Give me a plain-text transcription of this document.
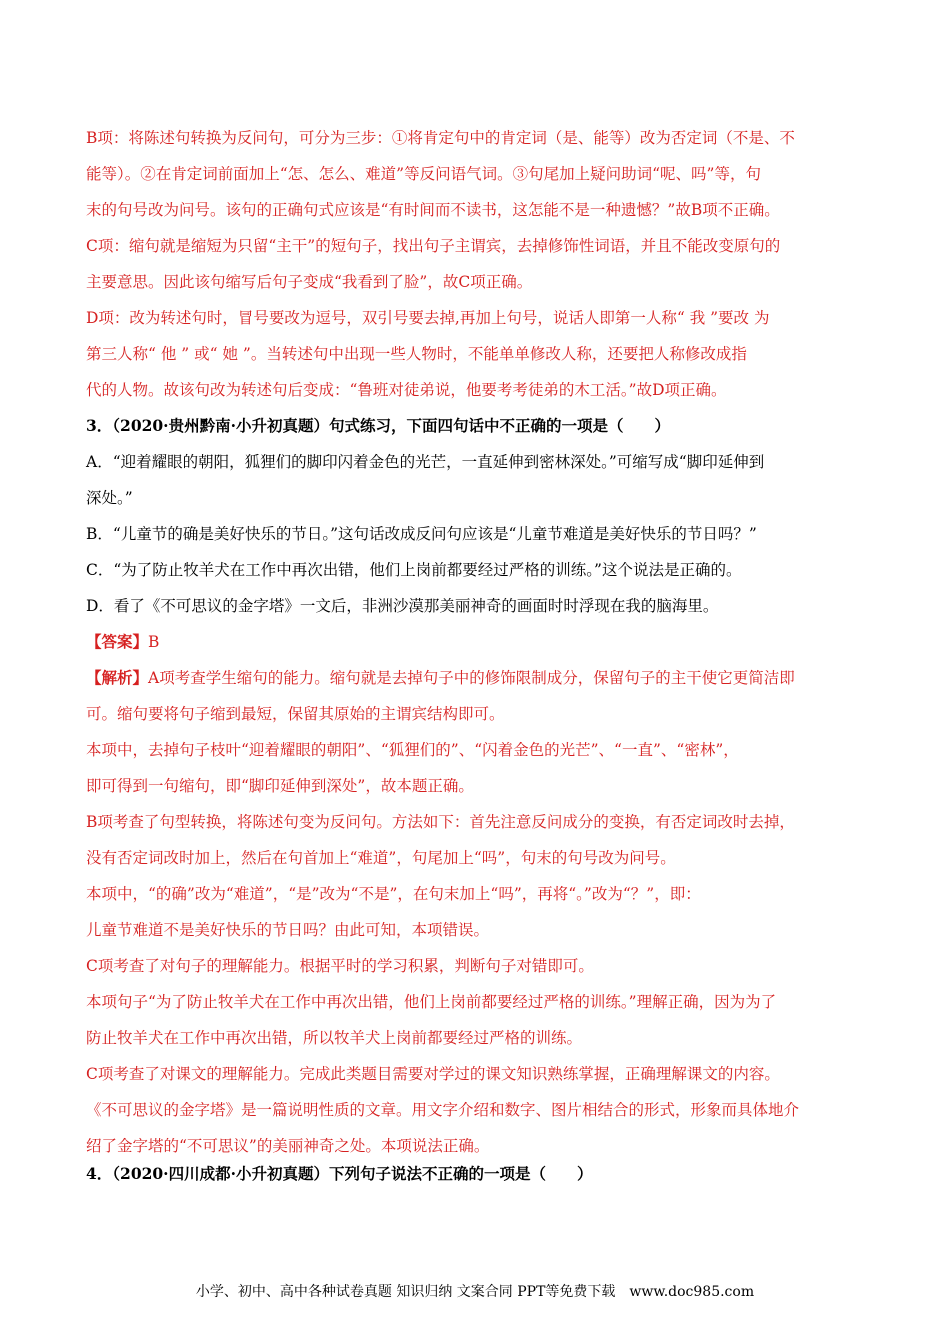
B项：将陈述句转换为反问句，可分为三步：①将肯定句中的肯定词（是、能等）改为否定词（不是、不
能等）。②在肯定词前面加上“怎、怎么、难道”等反问语气词。③句尾加上疑问助词“呢、吗”等，句
末的句号改为问号。该句的正确句式应该是“有时间而不读书，这怎能不是一种遗憾？”故B项不正确。
C项：缩句就是缩短为只留“主干”的短句子，找出句子主谓宾，去掉修饰性词语，并且不能改变原句的
主要意思。因此该句缩写后句子变成“我看到了脸”，故C项正确。
D项：改为转述句时，冒号要改为逗号，双引号要去掉,再加上句号，说话人即第一人称“ 我 ”要改 为
第三人称“ 他 ” 或“ 她 ”。当转述句中出现一些人物时，不能单单修改人称，还要把人称修改成指
代的人物。故该句改为转述句后变成：“鲁班对徒弟说，他要考考徒弟的木工活。”故D项正确。
3．（2020·贵州黔南·小升初真题）句式练习，下面四句话中不正确的一项是（　　）
A．“迎着耀眼的朝阳，狐狸们的脚印闪着金色的光芒，一直延伸到密林深处。”可缩写成“脚印延伸到
深处。”
B．“儿童节的确是美好快乐的节日。”这句话改成反问句应该是“儿童节难道是美好快乐的节日吗？”
C．“为了防止牧羊犬在工作中再次出错，他们上岗前都要经过严格的训练。”这个说法是正确的。
D．看了《不可思议的金字塔》一文后，非洲沙漠那美丽神奇的画面时时浮现在我的脑海里。
【答案】B
【解析】A项考查学生缩句的能力。缩句就是去掉句子中的修饰限制成分，保留句子的主干使它更简洁即
可。缩句要将句子缩到最短，保留其原始的主谓宾结构即可。
本项中，去掉句子枝叶“迎着耀眼的朝阳”、“狐狸们的”、“闪着金色的光芒”、“一直”、“密林”，
即可得到一句缩句，即“脚印延伸到深处”，故本题正确。
B项考查了句型转换，将陈述句变为反问句。方法如下：首先注意反问成分的变换，有否定词改时去掉，
没有否定词改时加上，然后在句首加上“难道”，句尾加上“吗”，句末的句号改为问号。
本项中，“的确”改为“难道”，“是”改为“不是”，在句末加上“吗”，再将“。”改为“？”，即：
儿童节难道不是美好快乐的节日吗？由此可知，本项错误。
C项考查了对句子的理解能力。根据平时的学习积累，判断句子对错即可。
本项句子“为了防止牧羊犬在工作中再次出错，他们上岗前都要经过严格的训练。”理解正确，因为为了
防止牧羊犬在工作中再次出错，所以牧羊犬上岗前都要经过严格的训练。
C项考查了对课文的理解能力。完成此类题目需要对学过的课文知识熟练掌握，正确理解课文的内容。
《不可思议的金字塔》是一篇说明性质的文章。用文字介绍和数字、图片相结合的形式，形象而具体地介
绍了金字塔的“不可思议”的美丽神奇之处。本项说法正确。
4．（2020·四川成都·小升初真题）下列句子说法不正确的一项是（　　）
小学、初中、高中各种试卷真题 知识归纳 文案合同 PPT等免费下载　www.doc985.com
